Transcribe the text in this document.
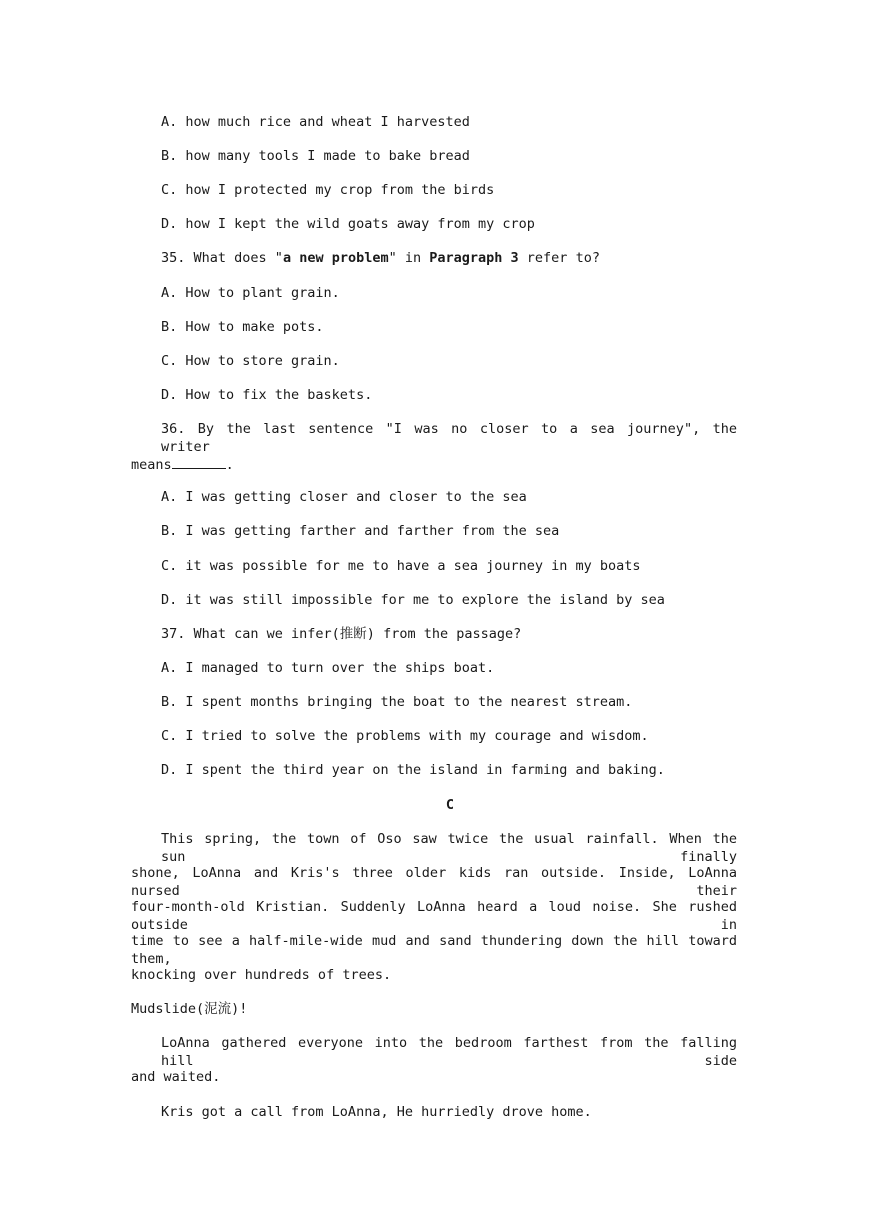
A. how much rice and wheat I harvested
B. how many tools I made to bake bread
C. how I protected my crop from the birds
D. how I kept the wild goats away from my crop
35. What does "a new problem" in Paragraph 3 refer to?
A. How to plant grain.
B. How to make pots.
C. How to store grain.
D. How to fix the baskets.
36. By the last sentence "I was no closer to a sea journey", the writer
means	.
A. I was getting closer and closer to the sea
B. I was getting farther and farther from the sea
C. it was possible for me to have a sea journey in my boats
D. it was still impossible for me to explore the island by sea
37. What can we infer(推断) from the passage?
A. I managed to turn over the ships boat.
B. I spent months bringing the boat to the nearest stream.
C. I tried to solve the problems with my courage and wisdom.
D. I spent the third year on the island in farming and baking.
C
This spring, the town of Oso saw twice the usual rainfall. When the sun finally
shone, LoAnna and Kris's three older kids ran outside. Inside, LoAnna nursed their
four-month-old Kristian. Suddenly LoAnna heard a loud noise. She rushed outside in
time to see a half-mile-wide mud and sand thundering down the hill toward them,
knocking over hundreds of trees.
Mudslide(泥流)!
LoAnna gathered everyone into the bedroom farthest from the falling hill side
and waited.
Kris got a call from LoAnna, He hurriedly drove home.
